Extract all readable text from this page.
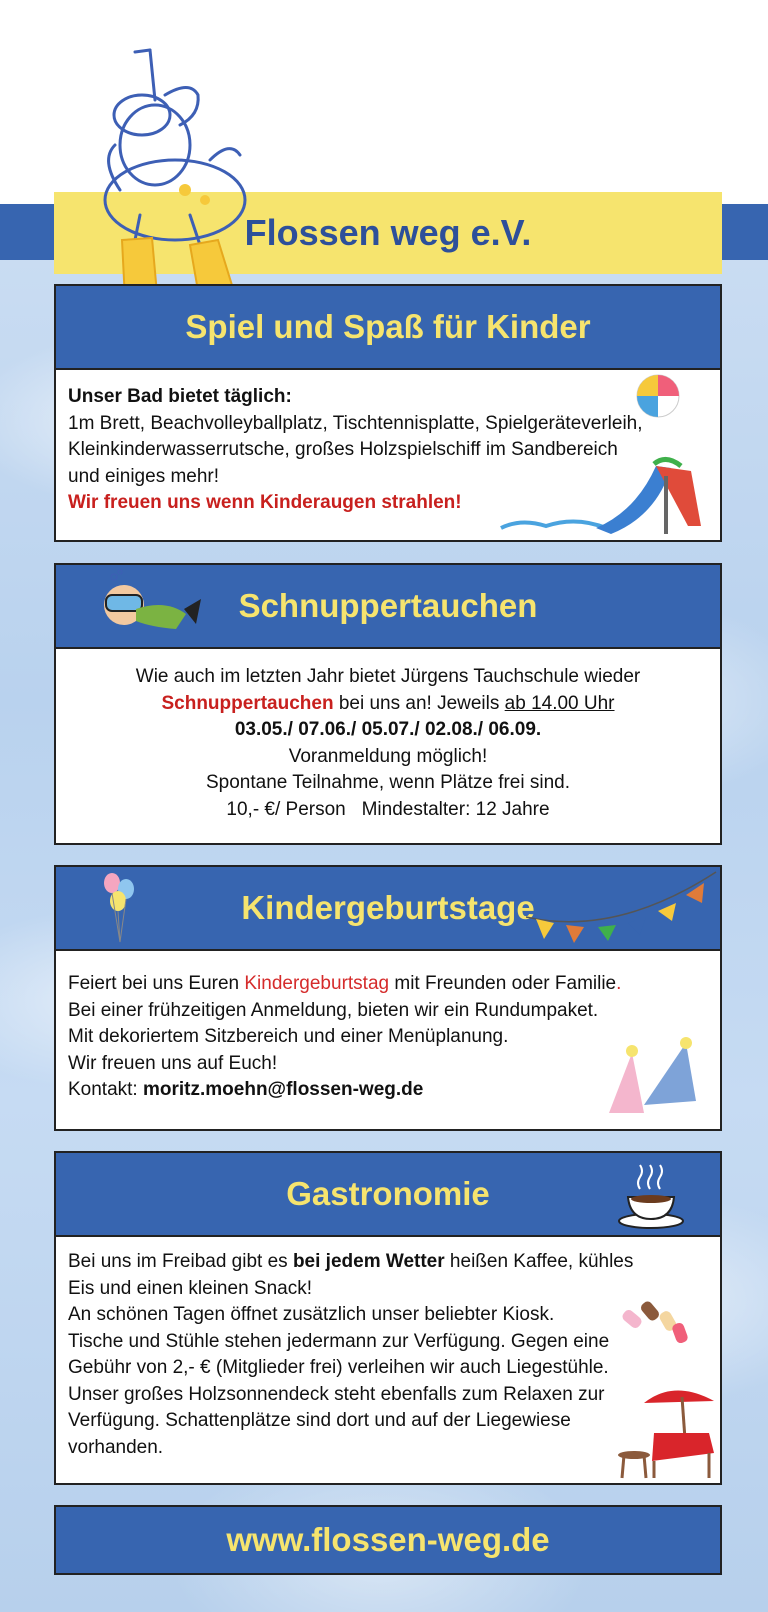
Flossen weg e.V.
Spiel und Spaß für Kinder
Unser Bad bietet täglich:
1m Brett, Beachvolleyballplatz, Tischtennisplatte, Spielgeräteverleih,
Kleinkinderwasserrutsche, großes Holzspielschiff im Sandbereich
und einiges mehr!
Wir freuen uns wenn Kinderaugen strahlen!
Schnuppertauchen
Wie auch im letzten Jahr bietet Jürgens Tauchschule wieder
Schnuppertauchen bei uns an! Jeweils ab 14.00 Uhr
03.05./ 07.06./ 05.07./ 02.08./ 06.09.
Voranmeldung möglich!
Spontane Teilnahme, wenn Plätze frei sind.
10,- €/ Person   Mindestalter: 12 Jahre
Kindergeburtstage
Feiert bei uns Euren Kindergeburtstag mit Freunden oder Familie.
Bei einer frühzeitigen Anmeldung, bieten wir ein Rundumpaket.
Mit dekoriertem Sitzbereich und einer Menüplanung.
Wir freuen uns auf Euch!
Kontakt: moritz.moehn@flossen-weg.de
Gastronomie
Bei uns im Freibad gibt es bei jedem Wetter heißen Kaffee, kühles
Eis und einen kleinen Snack!
An schönen Tagen öffnet zusätzlich unser beliebter Kiosk.
Tische und Stühle stehen jedermann zur Verfügung. Gegen eine
Gebühr von 2,- € (Mitglieder frei) verleihen wir auch Liegestühle.
Unser großes Holzsonnendeck steht ebenfalls zum Relaxen zur
Verfügung. Schattenplätze sind dort und auf der Liegewiese
vorhanden.
www.flossen-weg.de
